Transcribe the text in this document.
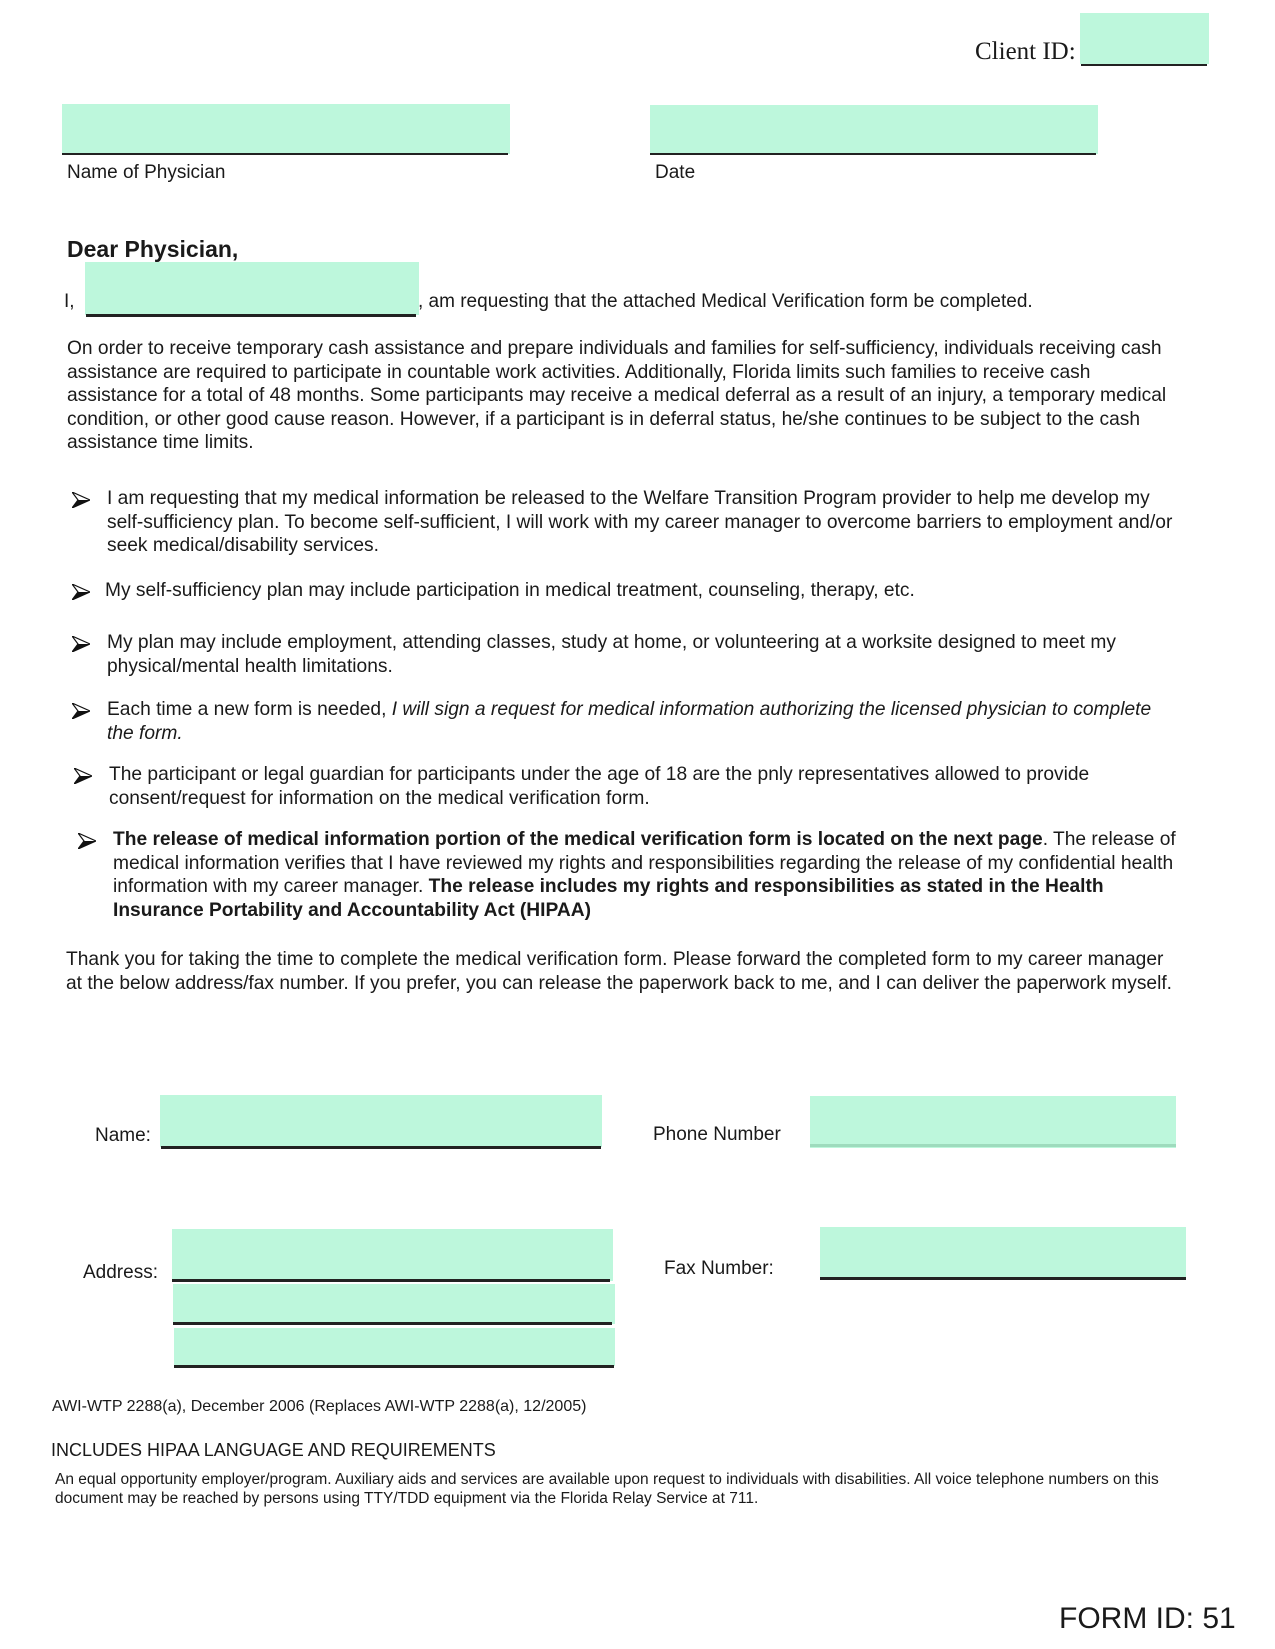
Client ID:
Name of Physician	Date
Dear Physician,
I,	, am requesting that the attached Medical Verification form be completed.
On order to receive temporary cash assistance and prepare individuals and families for self-sufficiency, individuals receiving cash assistance are required to participate in countable work activities. Additionally, Florida limits such families to receive cash assistance for a total of 48 months. Some participants may receive a medical deferral as a result of an injury, a temporary medical condition, or other good cause reason. However, if a participant is in deferral status, he/she continues to be subject to the cash assistance time limits.
I am requesting that my medical information be released to the Welfare Transition Program provider to help me develop my self-sufficiency plan. To become self-sufficient, I will work with my career manager to overcome barriers to employment and/or seek medical/disability services.
My self-sufficiency plan may include participation in medical treatment, counseling, therapy, etc.
My plan may include employment, attending classes, study at home, or volunteering at a worksite designed to meet my physical/mental health limitations.
Each time a new form is needed, I will sign a request for medical information authorizing the licensed physician to complete the form.
The participant or legal guardian for participants under the age of 18 are the pnly representatives allowed to provide consent/request for information on the medical verification form.
The release of medical information portion of the medical verification form is located on the next page. The release of medical information verifies that I have reviewed my rights and responsibilities regarding the release of my confidential health information with my career manager. The release includes my rights and responsibilities as stated in the Health Insurance Portability and Accountability Act (HIPAA)
Thank you for taking the time to complete the medical verification form. Please forward the completed form to my career manager at the below address/fax number. If you prefer, you can release the paperwork back to me, and I can deliver the paperwork myself.
Name:	Phone Number
Address:	Fax Number:
AWI-WTP 2288(a), December 2006 (Replaces AWI-WTP 2288(a), 12/2005)
INCLUDES HIPAA LANGUAGE AND REQUIREMENTS
An equal opportunity employer/program. Auxiliary aids and services are available upon request to individuals with disabilities. All voice telephone numbers on this document may be reached by persons using TTY/TDD equipment via the Florida Relay Service at 711.
FORM ID: 51
